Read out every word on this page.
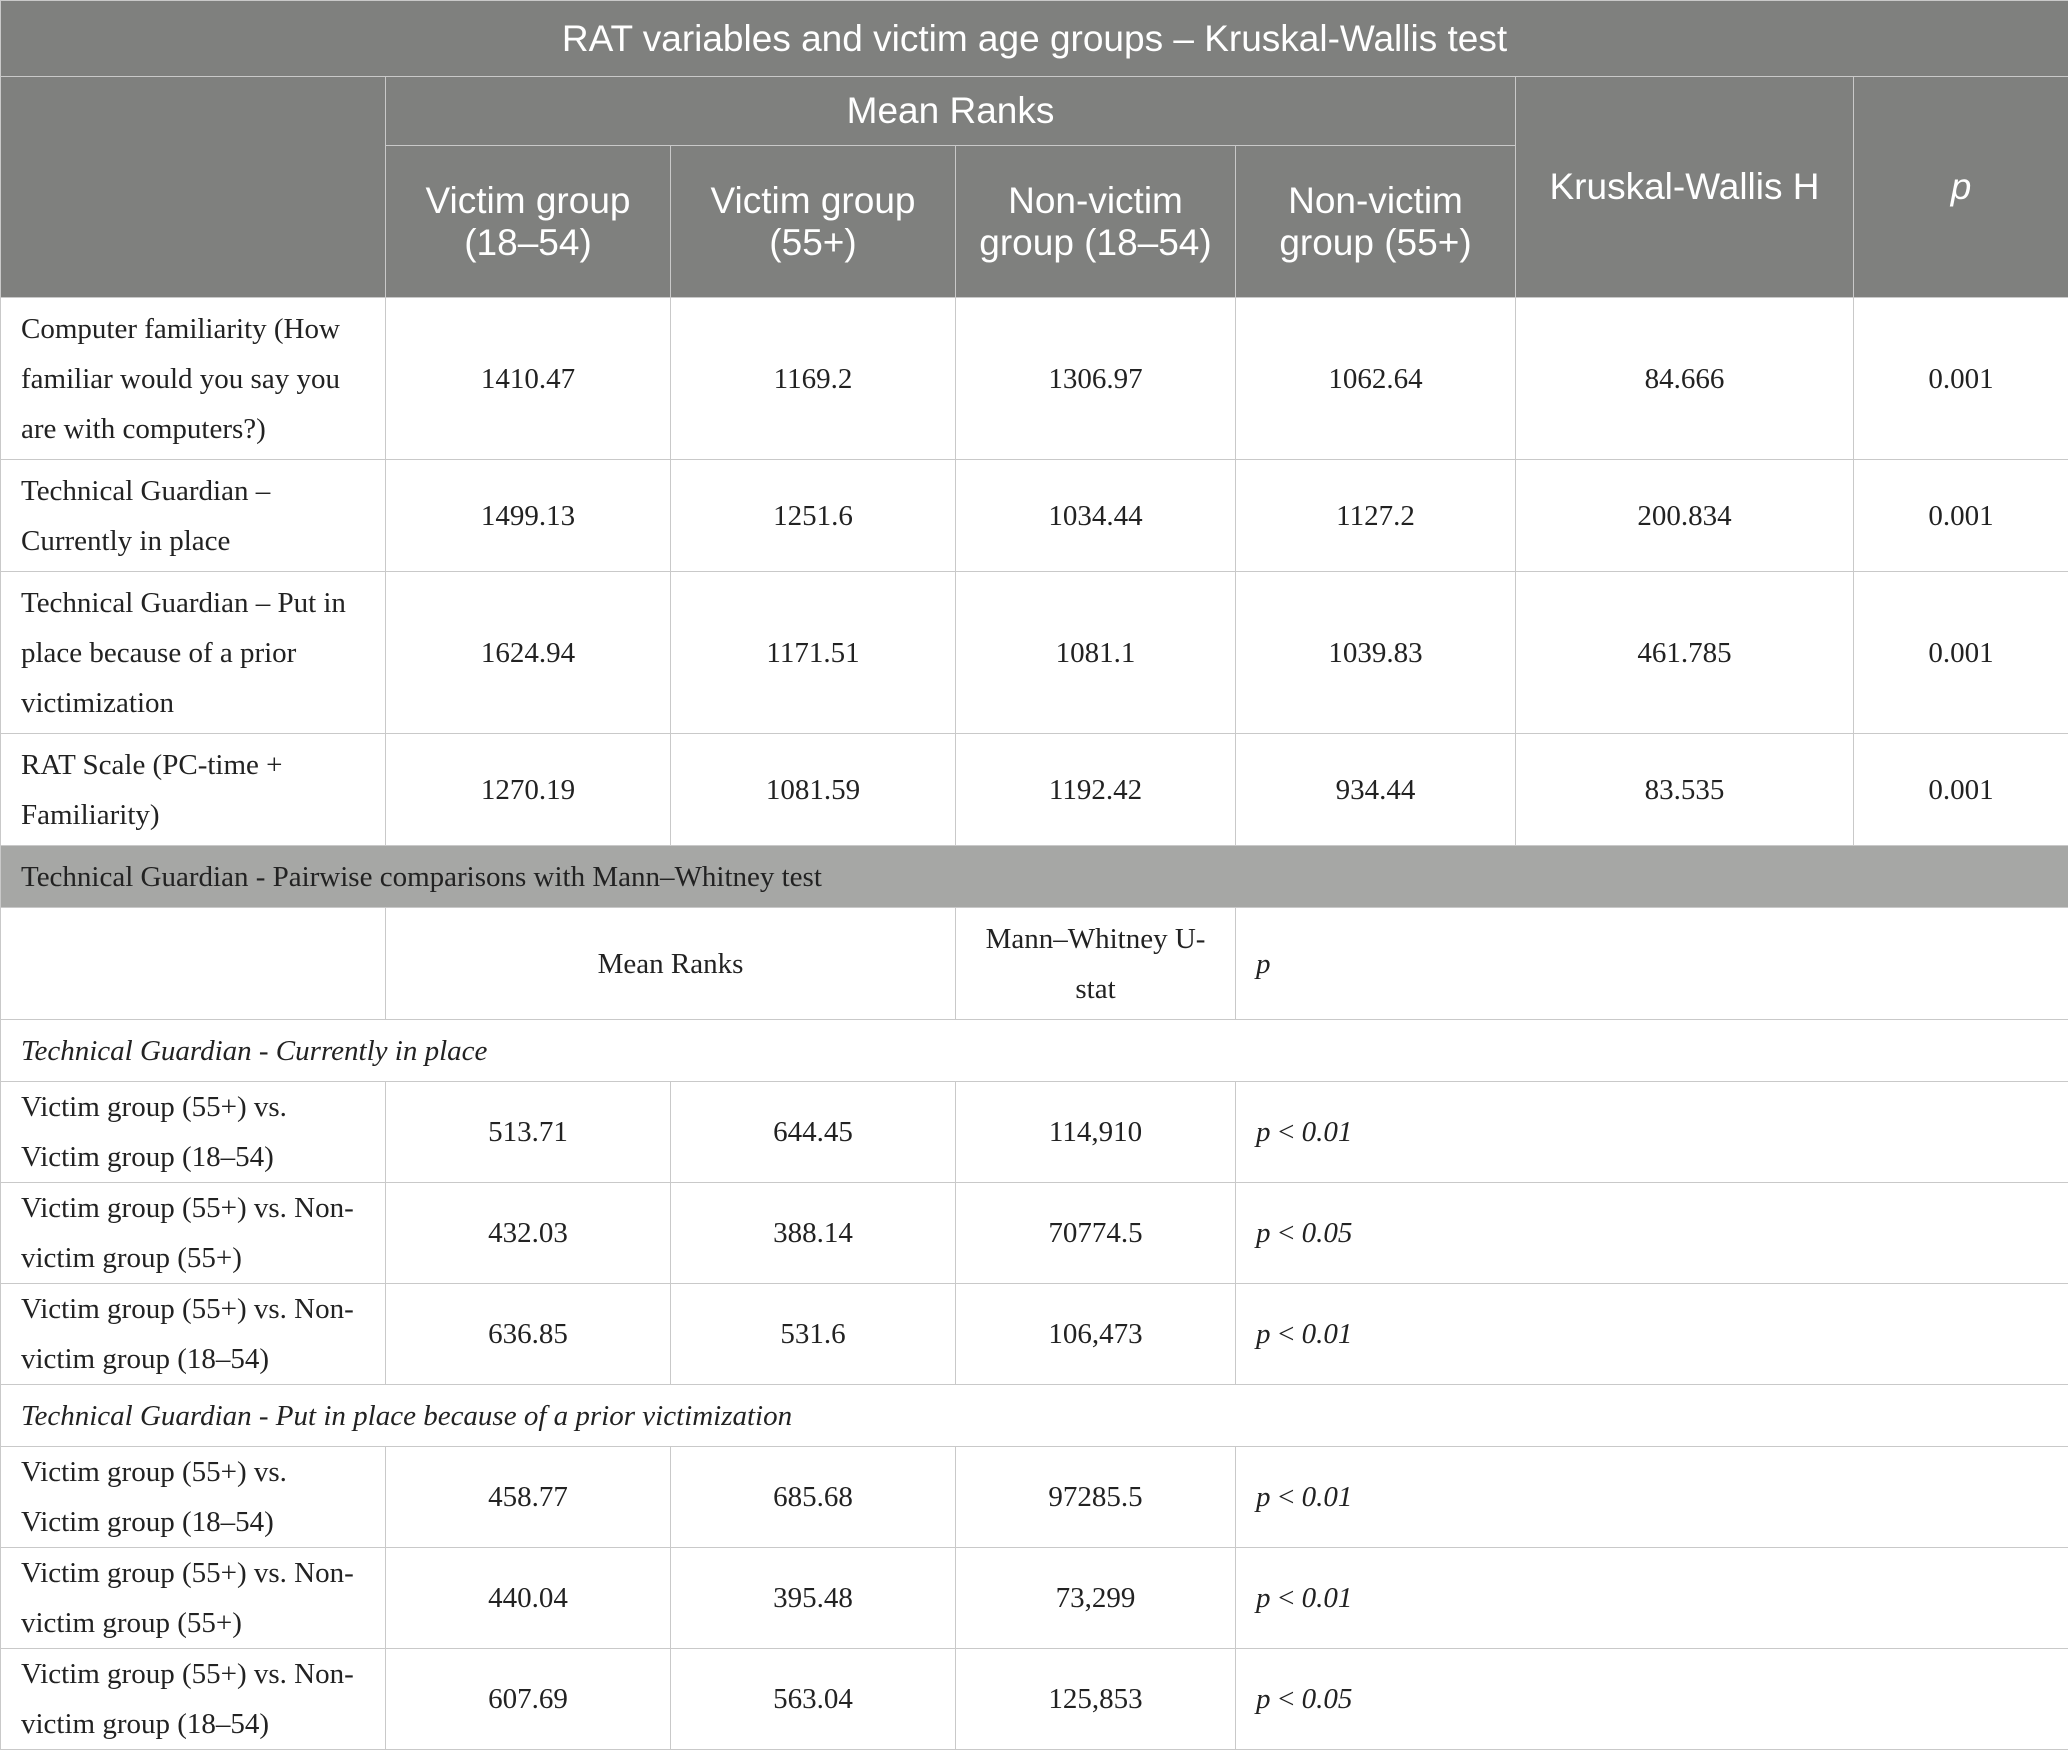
RAT variables and victim age groups – Kruskal-Wallis test						
	Mean Ranks				Kruskal-Wallis H	p
	Victim group (18–54)	Victim group (55+)	Non-victim group (18–54)	Non-victim group (55+)		
Computer familiarity (How familiar would you say you are with computers?)	1410.47	1169.2	1306.97	1062.64	84.666	0.001
Technical Guardian – Currently in place	1499.13	1251.6	1034.44	1127.2	200.834	0.001
Technical Guardian – Put in place because of a prior victimization	1624.94	1171.51	1081.1	1039.83	461.785	0.001
RAT Scale (PC-time + Familiarity)	1270.19	1081.59	1192.42	934.44	83.535	0.001
Technical Guardian - Pairwise comparisons with Mann–Whitney test						
	Mean Ranks		Mann–Whitney U-stat	p		
Technical Guardian - Currently in place						
Victim group (55+) vs. Victim group (18–54)	513.71	644.45	114,910	p < 0.01		
Victim group (55+) vs. Non-victim group (55+)	432.03	388.14	70774.5	p < 0.05		
Victim group (55+) vs. Non-victim group (18–54)	636.85	531.6	106,473	p < 0.01		
Technical Guardian - Put in place because of a prior victimization						
Victim group (55+) vs. Victim group (18–54)	458.77	685.68	97285.5	p < 0.01		
Victim group (55+) vs. Non-victim group (55+)	440.04	395.48	73,299	p < 0.01		
Victim group (55+) vs. Non-victim group (18–54)	607.69	563.04	125,853	p < 0.05		
